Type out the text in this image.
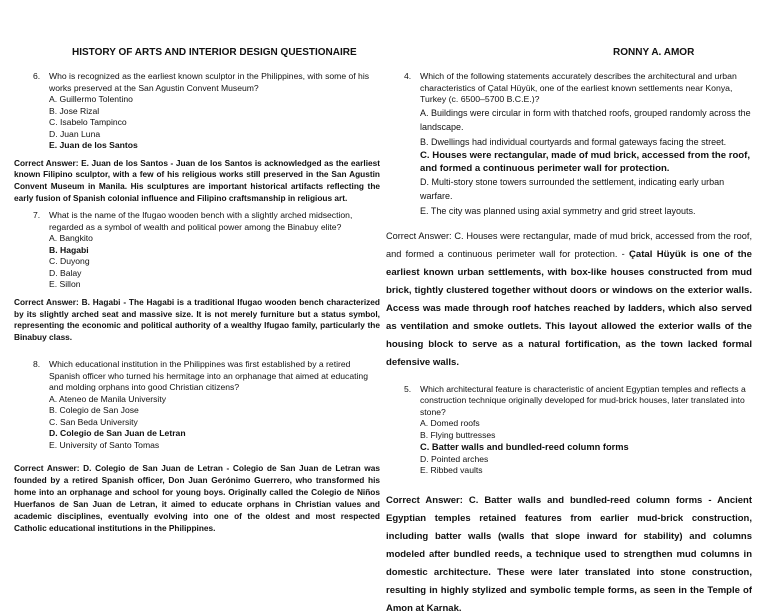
HISTORY OF ARTS AND INTERIOR DESIGN QUESTIONAIRE	RONNY A. AMOR
6. Who is recognized as the earliest known sculptor in the Philippines, with some of his works preserved at the San Agustin Convent Museum?
A. Guillermo Tolentino
B. Jose Rizal
C. Isabelo Tampinco
D. Juan Luna
E. Juan de los Santos

Correct Answer: E. Juan de los Santos - Juan de los Santos is acknowledged as the earliest known Filipino sculptor, with a few of his religious works still preserved in the San Agustin Convent Museum in Manila. His sculptures are important historical artifacts reflecting the early fusion of Spanish colonial influence and Filipino craftsmanship in religious art.

7. What is the name of the Ifugao wooden bench with a slightly arched midsection, regarded as a symbol of wealth and political power among the Binabuy elite?
A. Bangkito
B. Hagabi
C. Duyong
D. Balay
E. Sillon

Correct Answer: B. Hagabi - The Hagabi is a traditional Ifugao wooden bench characterized by its slightly arched seat and massive size. It is not merely furniture but a status symbol, representing the economic and political authority of a wealthy Ifugao family, particularly the Binabuy class.

8. Which educational institution in the Philippines was first established by a retired Spanish officer who turned his hermitage into an orphanage that aimed at educating and molding orphans into good Christian citizens?
A. Ateneo de Manila University
B. Colegio de San Jose
C. San Beda University
D. Colegio de San Juan de Letran
E. University of Santo Tomas

Correct Answer: D. Colegio de San Juan de Letran - Colegio de San Juan de Letran was founded by a retired Spanish officer, Don Juan Gerónimo Guerrero, who transformed his home into an orphanage and school for young boys. Originally called the Colegio de Niños Huerfanos de San Juan de Letran, it aimed to educate orphans in Christian values and academic disciplines, eventually evolving into one of the oldest and most respected Catholic educational institutions in the Philippines.

4. Which of the following statements accurately describes the architectural and urban characteristics of Çatal Hüyük, one of the earliest known settlements near Konya, Turkey (c. 6500–5700 B.C.E.)?
A. Buildings were circular in form with thatched roofs, grouped randomly across the landscape.
B. Dwellings had individual courtyards and formal gateways facing the street.
C. Houses were rectangular, made of mud brick, accessed from the roof, and formed a continuous perimeter wall for protection.
D. Multi-story stone towers surrounded the settlement, indicating early urban warfare.
E. The city was planned using axial symmetry and grid street layouts.

Correct Answer: C. Houses were rectangular, made of mud brick, accessed from the roof, and formed a continuous perimeter wall for protection. - Çatal Hüyük is one of the earliest known urban settlements, with box-like houses constructed from mud brick, tightly clustered together without doors or windows on the exterior walls. Access was made through roof hatches reached by ladders, which also served as ventilation and smoke outlets. This layout allowed the exterior walls of the housing block to serve as a natural fortification, as the town lacked formal defensive walls.

5. Which architectural feature is characteristic of ancient Egyptian temples and reflects a construction technique originally developed for mud-brick houses, later translated into stone?
A. Domed roofs
B. Flying buttresses
C. Batter walls and bundled-reed column forms
D. Pointed arches
E. Ribbed vaults

Correct Answer: C. Batter walls and bundled-reed column forms - Ancient Egyptian temples retained features from earlier mud-brick construction, including batter walls (walls that slope inward for stability) and columns modeled after bundled reeds, a technique used to strengthen mud columns in domestic architecture. These were later translated into stone construction, resulting in highly stylized and symbolic temple forms, as seen in the Temple of Amon at Karnak.
